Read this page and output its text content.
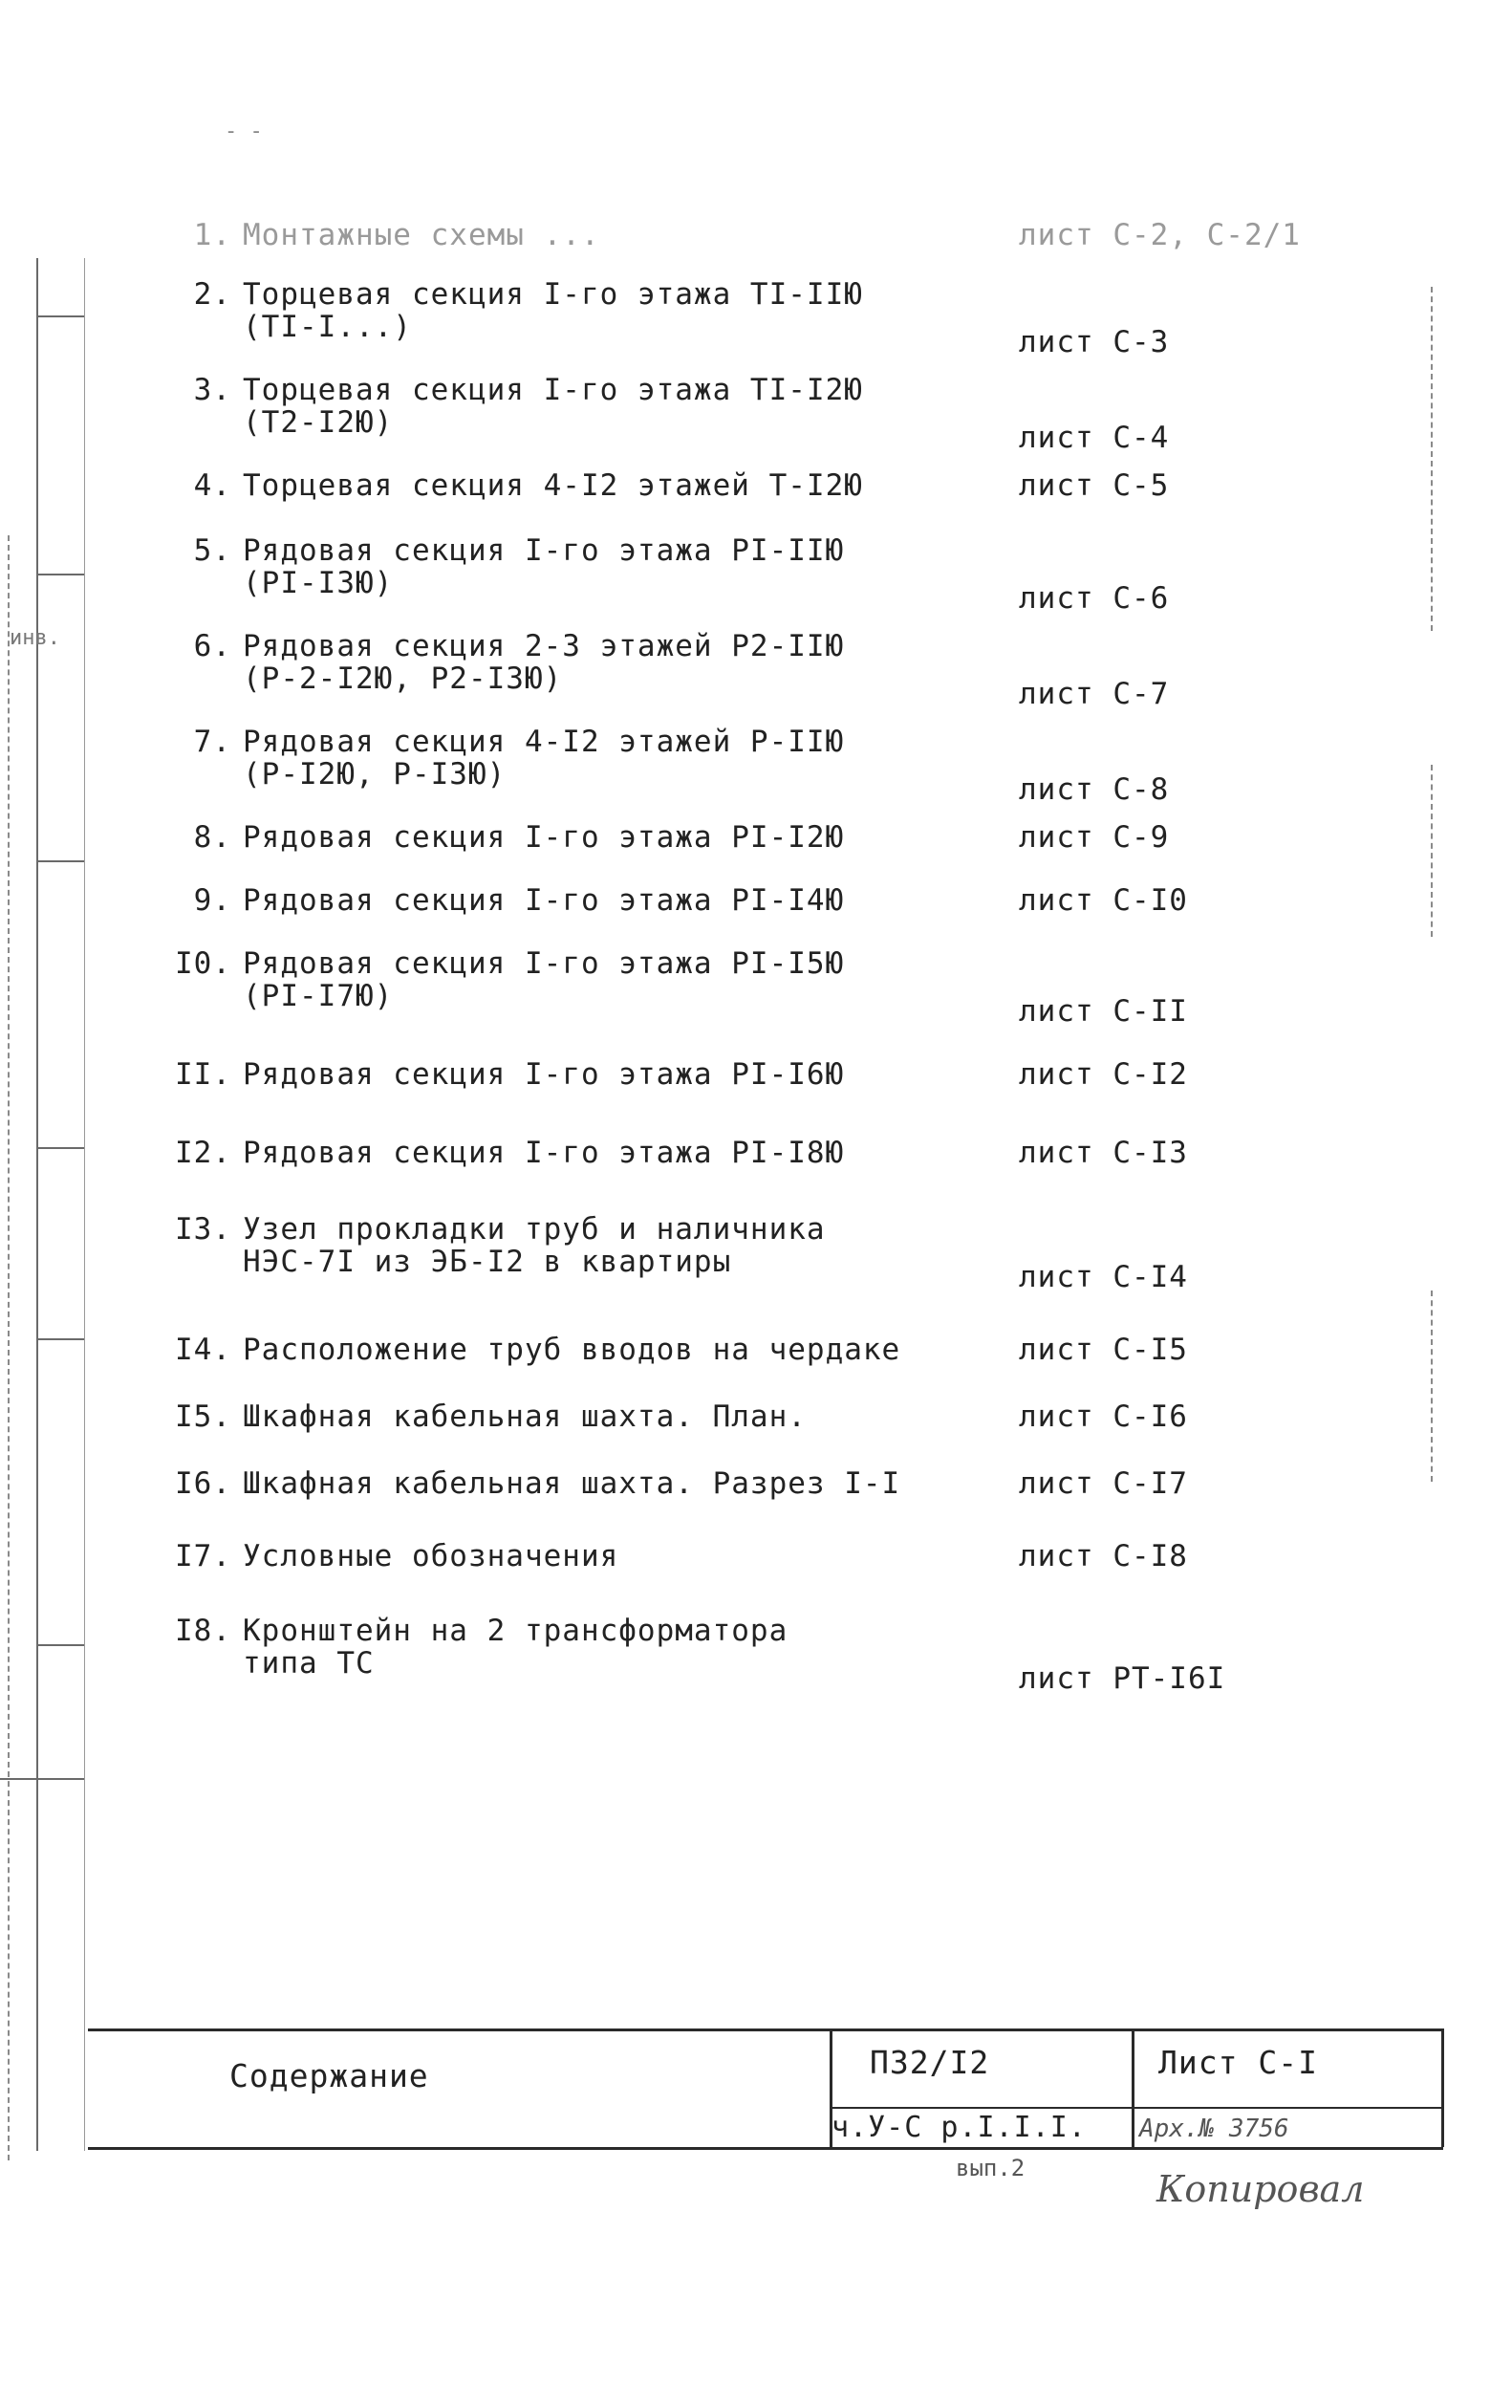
инв.
- -
1. Монтажные схемы ...	лист С-2, С-2/1
2. Торцевая секция I-го этажа ТI-IIЮ
(ТI-I...)	лист С-3
3. Торцевая секция I-го этажа ТI-I2Ю
(Т2-I2Ю)	лист С-4
4. Торцевая секция 4-I2 этажей Т-I2Ю	лист С-5
5. Рядовая секция I-го этажа РI-IIЮ
(РI-I3Ю)	лист С-6
6. Рядовая секция 2-3 этажей Р2-IIЮ
(Р-2-I2Ю, Р2-I3Ю)	лист С-7
7. Рядовая секция 4-I2 этажей Р-IIЮ
(Р-I2Ю, Р-I3Ю)	лист С-8
8. Рядовая секция I-го этажа РI-I2Ю	лист С-9
9. Рядовая секция I-го этажа РI-I4Ю	лист С-I0
I0. Рядовая секция I-го этажа РI-I5Ю
(РI-I7Ю)	лист С-II
II. Рядовая секция I-го этажа РI-I6Ю	лист С-I2
I2. Рядовая секция I-го этажа РI-I8Ю	лист С-I3
I3. Узел прокладки труб и наличника
НЭС-7I из ЭБ-I2 в квартиры	лист С-I4
I4. Расположение труб вводов на чердаке	лист С-I5
I5. Шкафная кабельная шахта. План.	лист С-I6
I6. Шкафная кабельная шахта. Разрез I-I	лист С-I7
I7. Условные обозначения	лист С-I8
I8. Кронштейн на 2 трансформатора
типа ТС	лист РТ-I6I
Содержание	П32/I2	Лист С-I
ч.У-С р.I.I.I. Арх.№ 3756
вып.2	Копировал
